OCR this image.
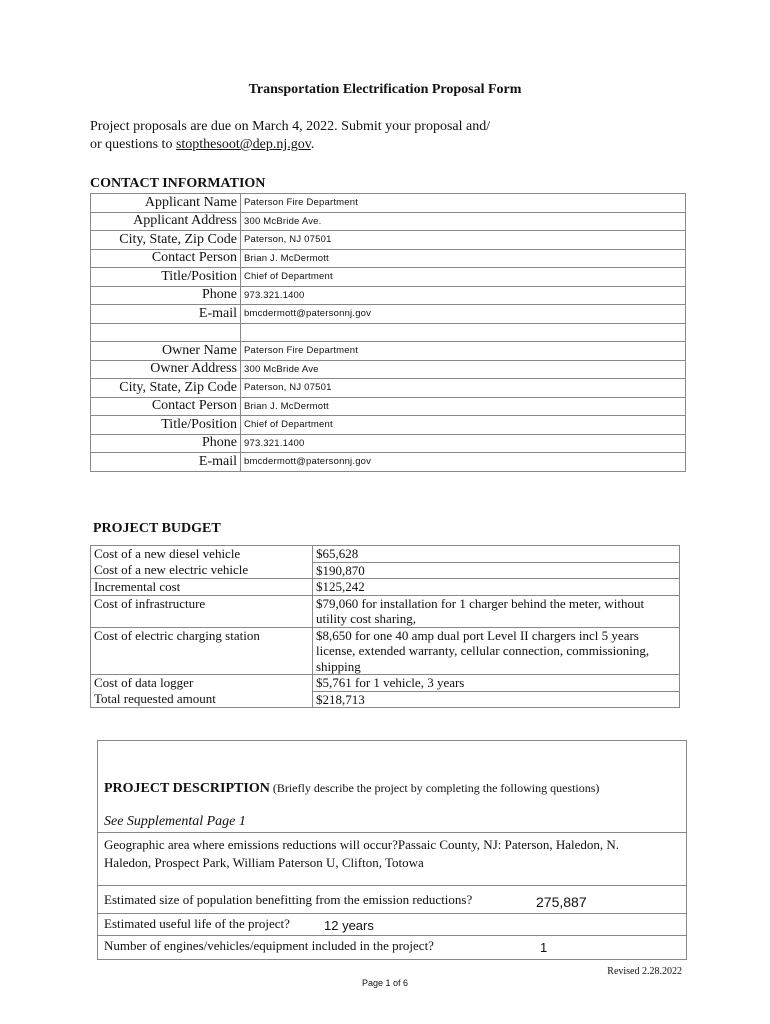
Transportation Electrification Proposal Form
Project proposals are due on March 4, 2022. Submit your proposal and/
or questions to stopthesoot@dep.nj.gov.
CONTACT INFORMATION
Applicant Name	Paterson Fire Department
Applicant Address	300 McBride Ave.
City, State, Zip Code	Paterson, NJ 07501
Contact Person	Brian J. McDermott
Title/Position	Chief of Department
Phone	973.321.1400
E-mail	bmcdermott@patersonnj.gov

Owner Name	Paterson Fire Department
Owner Address	300 McBride Ave
City, State, Zip Code	Paterson, NJ 07501
Contact Person	Brian J. McDermott
Title/Position	Chief of Department
Phone	973.321.1400
E-mail	bmcdermott@patersonnj.gov
PROJECT BUDGET
Cost of a new diesel vehicle	$65,628
Cost of a new electric vehicle	$190,870
Incremental cost	$125,242
Cost of infrastructure	$79,060 for installation for 1 charger behind the meter, without utility cost sharing,
Cost of electric charging station	$8,650 for one 40 amp dual port Level II chargers incl 5 years license, extended warranty, cellular connection, commissioning, shipping
Cost of data logger	$5,761 for 1 vehicle, 3 years
Total requested amount	$218,713
PROJECT DESCRIPTION (Briefly describe the project by completing the following questions)
See Supplemental Page 1
Geographic area where emissions reductions will occur?Passaic County, NJ: Paterson, Haledon, N. Haledon, Prospect Park, William Paterson U, Clifton, Totowa
Estimated size of population benefitting from the emission reductions?	275,887
Estimated useful life of the project?	12 years
Number of engines/vehicles/equipment included in the project?	1
Revised 2.28.2022
Page 1 of 6
